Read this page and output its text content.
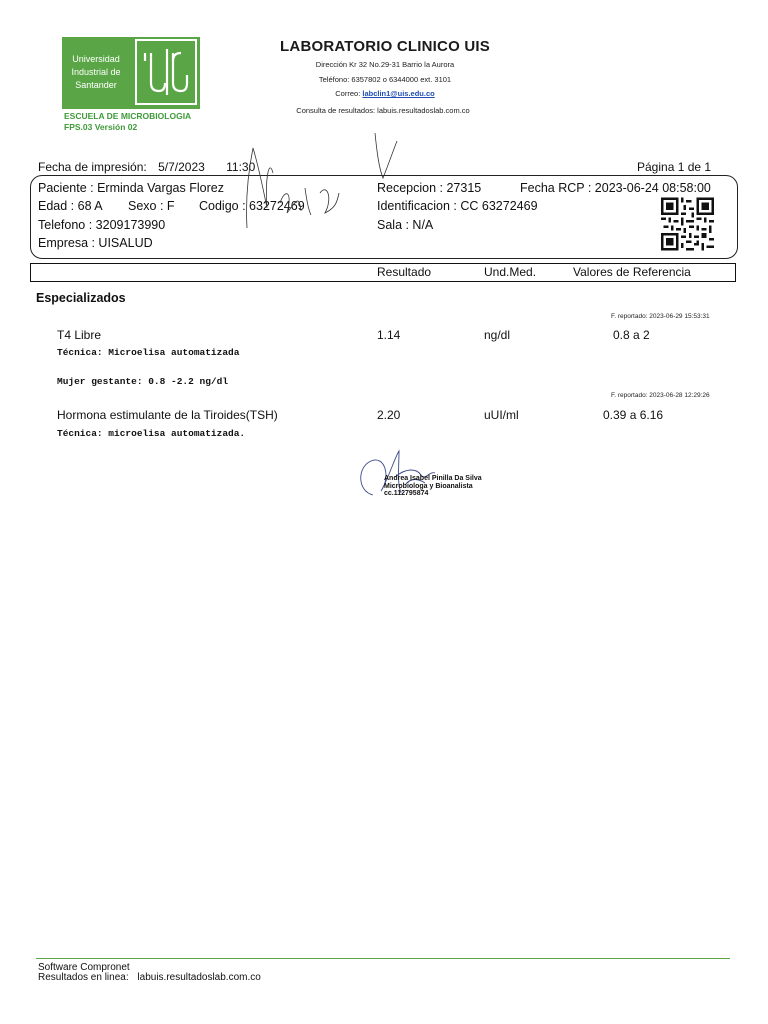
Universidad
Industrial de
Santander
ESCUELA DE MICROBIOLOGIA
FPS.03 Versión 02
LABORATORIO CLINICO UIS
Dirección Kr 32 No.29-31 Barrio la Aurora
Teléfono: 6357802 o 6344000 ext. 3101
Correo: labclin1@uis.edu.co
Consulta de resultados: labuis.resultadoslab.com.co
Fecha de impresión: 5/7/2023 11:30	Página 1 de 1
Paciente : Erminda Vargas Florez
Edad : 68 A Sexo : F Codigo : 63272469
Telefono : 3209173990
Empresa : UISALUD
Recepcion : 27315	Fecha RCP : 2023-06-24 08:58:00
Identificacion : CC 63272469
Sala : N/A
Resultado	Und.Med.	Valores de Referencia
Especializados
F. reportado: 2023-06-29 15:53:31
T4 Libre	1.14	ng/dl	0.8 a 2
Técnica: Microelisa automatizada
Mujer gestante: 0.8 -2.2 ng/dl
F. reportado: 2023-06-28 12:29:26
Hormona estimulante de la Tiroides(TSH)	2.20	uUI/ml	0.39 a 6.16
Técnica: microelisa automatizada.
Andrea Isabel Pinilla Da Silva
Microbiologa y Bioanalista
cc.112795874
Software Compronet
Resultados en linea: labuis.resultadoslab.com.co
